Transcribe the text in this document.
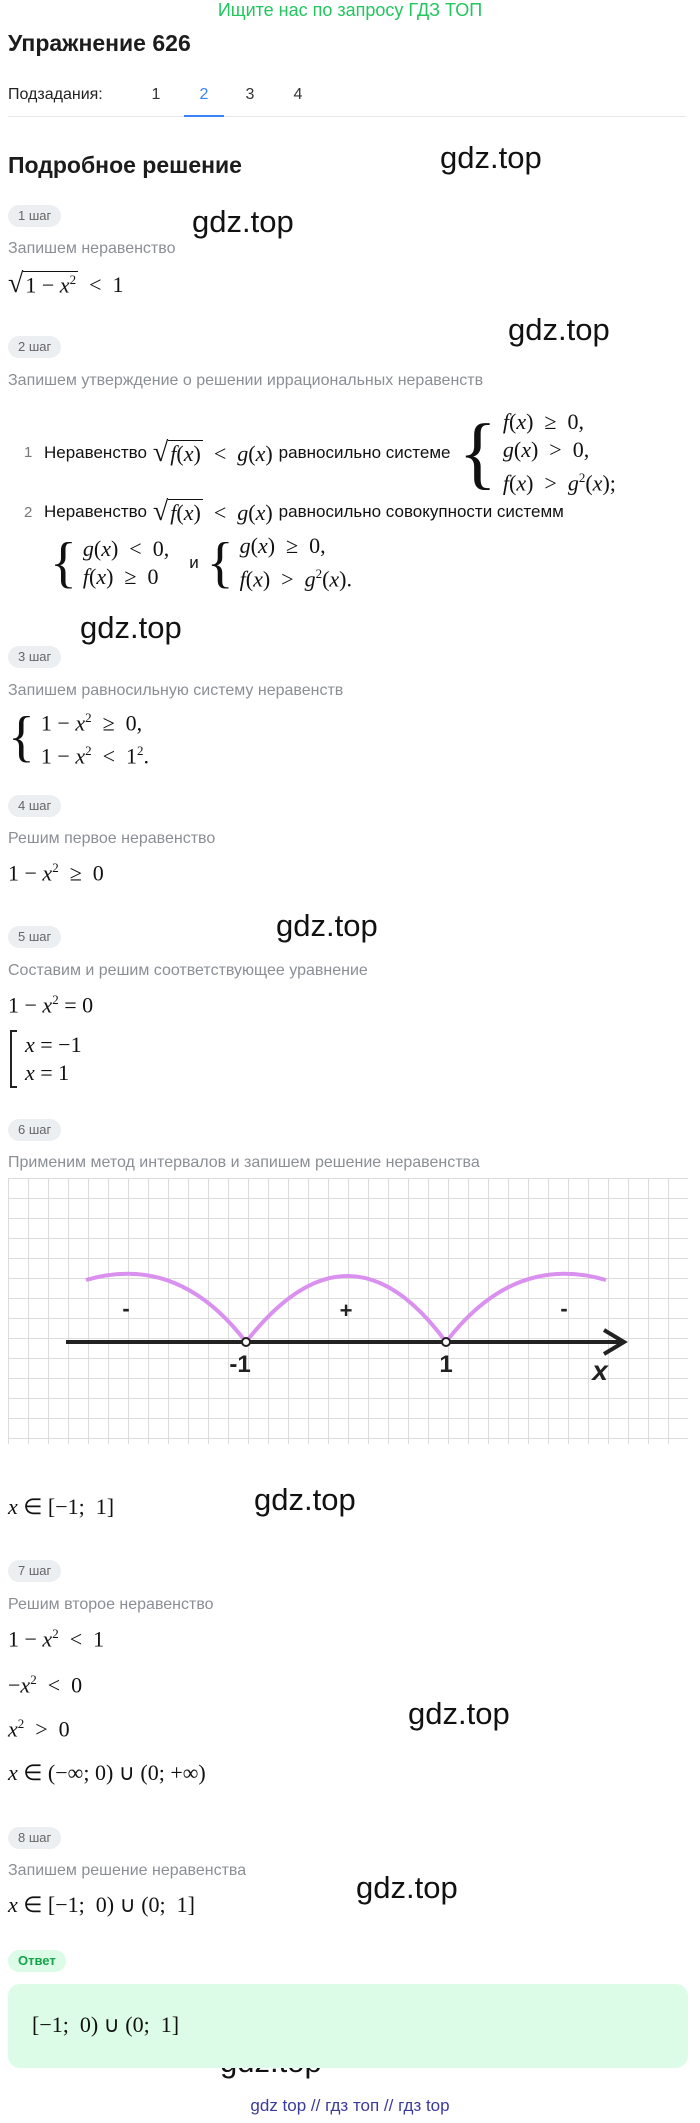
Ищите нас по запросу ГДЗ ТОП
Упражнение 626
Подзадания:	1	2	3	4
Подробное решение	gdz.top
gdz.top
gdz.top
gdz.top
gdz.top
gdz.top
gdz.top
gdz.top
1 шаг
Запишем неравенство
√ $1 - x^2 < 1$
2 шаг
Запишем утверждение о решении иррациональных неравенств
1 Неравенство √ f(x) <  g(x) равносильно системе { f(x)  ≥  0,
g(x)  >  0,
$f(x) > g^2(x)$;
2 Неравенство √ f(x) <  g(x) равносильно совокупности системм
{ g(x)  <  0,
f(x)  ≥  0
и { g(x)  ≥  0,
$f(x) > g^2(x)$.
3 шаг
Запишем равносильную систему неравенств
{ $1 - x^2 \ge 0$,
$1 - x^2 < 1^2$.
4 шаг
Решим первое неравенство
$1 - x^2 \ge 0$
5 шаг
Составим и решим соответствующее уравнение
$1 - x^2 = 0$
x = −1
x = 1
6 шаг
Применим метод интервалов и запишем решение неравенства
-	+	-
-1	1	x
x ∈ [−1;  1]
7 шаг
Решим второе неравенство
$1 - x^2 < 1$
$-x^2 < 0$
$x^2 > 0$
x ∈ (−∞; 0) ∪ (0; +∞)
8 шаг
Запишем решение неравенства
x ∈ [−1;  0) ∪ (0;  1]
Ответ
[−1;  0) ∪ (0;  1]
gdz top // гдз топ // гдз top
